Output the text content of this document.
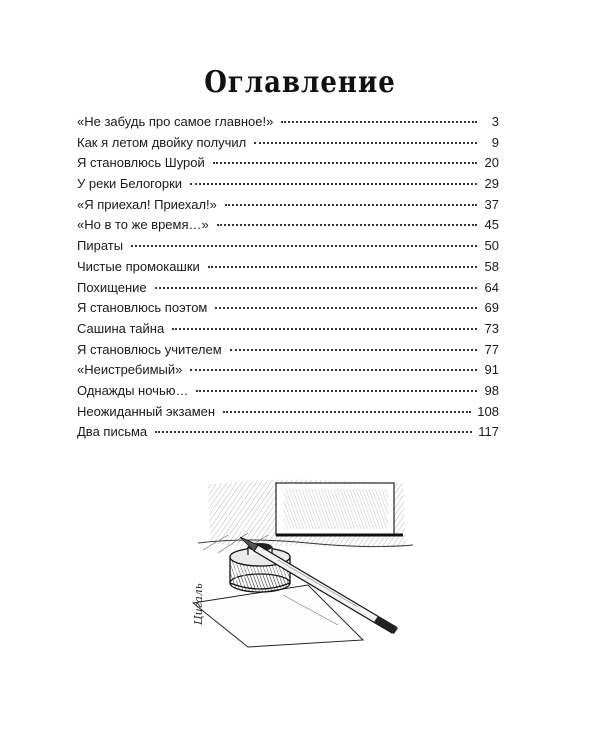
Оглавление
«Не забудь про самое главное!»	3
Как я летом двойку получил	9
Я становлюсь Шурой	20
У реки Белогорки	29
«Я приехал! Приехал!»	37
«Но в то же время…»	45
Пираты	50
Чистые промокашки	58
Похищение	64
Я становлюсь поэтом	69
Сашина тайна	73
Я становлюсь учителем	77
«Неистребимый»	91
Однажды ночью…	98
Неожиданный экзамен	108
Два письма	117
Цигаль
